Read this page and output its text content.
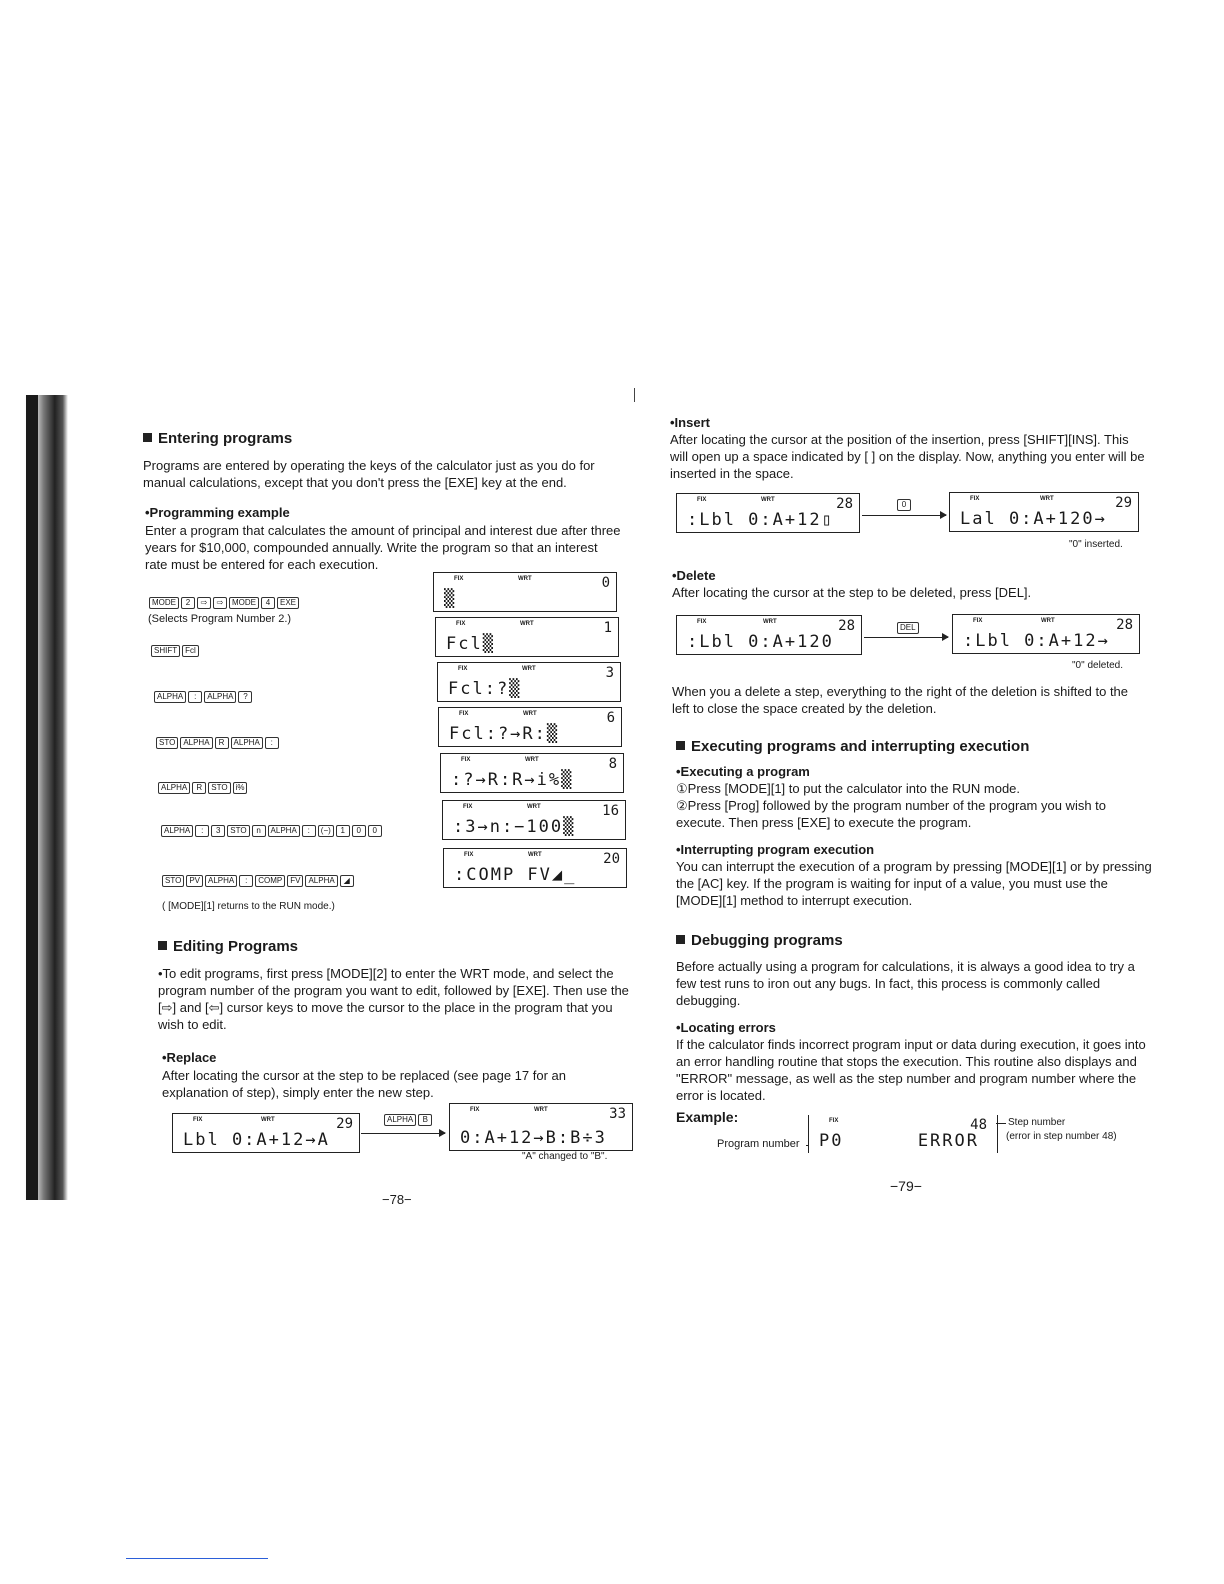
Entering programs

Programs are entered by operating the keys of the calculator just as you do for manual calculations, except that you don't press the [EXE] key at the end.

•Programming example

Enter a program that calculates the amount of principal and interest due after three years for $10,000, compounded annually. Write the program so that an interest rate must be entered for each execution.

MODE 2 ⇨ ⇨ MODE 4 EXE
(Selects Program Number 2.)
SHIFT Fcl
ALPHA : ALPHA ?
STO ALPHA R ALPHA :
ALPHA R STO i%
ALPHA : 3 STO n ALPHA : (−) 1 0 0
STO PV ALPHA : COMP FV ALPHA ◢
( [MODE][1] returns to the RUN mode.)
FIX	WRT	0
▒
FIX	WRT	1
Fcl▒
FIX	WRT	3
Fcl:?▒
FIX	WRT	6
Fcl:?→R:▒
FIX	WRT	8
:?→R:R→i%▒
FIX	WRT	16
:3→n:−100▒
FIX	WRT	20
:COMP FV◢_
Editing Programs

•To edit programs, first press [MODE][2] to enter the WRT mode, and select the program number of the program you want to edit, followed by [EXE]. Then use the [⇨] and [⇦] cursor keys to move the cursor to the place in the program that you wish to edit.

•Replace

After locating the cursor at the step to be replaced (see page 17 for an explanation of step), simply enter the new step.

FIX	WRT	29
Lbl 0:A+12→A
ALPHA B
FIX	WRT	33
0:A+12→B:B÷3
"A" changed to "B".
−78−
•Insert

After locating the cursor at the position of the insertion, press [SHIFT][INS]. This will open up a space indicated by [ ] on the display. Now, anything you enter will be inserted in the space.

FIX	WRT	28
:Lbl 0:A+12▯
0
FIX	WRT	29
Lal 0:A+120→
"0" inserted.
•Delete

After locating the cursor at the step to be deleted, press [DEL].

FIX	WRT	28
:Lbl 0:A+120
DEL
FIX	WRT	28
:Lbl 0:A+12→
"0" deleted.

When you a delete a step, everything to the right of the deletion is shifted to the left to close the space created by the deletion.

Executing programs and interrupting execution
•Executing a program

①Press [MODE][1] to put the calculator into the RUN mode.

②Press [Prog] followed by the program number of the program you wish to execute. Then press [EXE] to execute the program.

•Interrupting program execution

You can interrupt the execution of a program by pressing [MODE][1] or by pressing the [AC] key. If the program is waiting for input of a value, you must use the [MODE][1] method to interrupt execution.

Debugging programs

Before actually using a program for calculations, it is always a good idea to try a few test runs to iron out any bugs. In fact, this process is commonly called debugging.

•Locating errors

If the calculator finds incorrect program input or data during execution, it goes into an error handling routine that stops the execution. This routine also displays and "ERROR" message, as well as the step number and program number where the error is located.

Example:
Program number
FIX	48
P0	ERROR
Step number
(error in step number 48)
−79−
